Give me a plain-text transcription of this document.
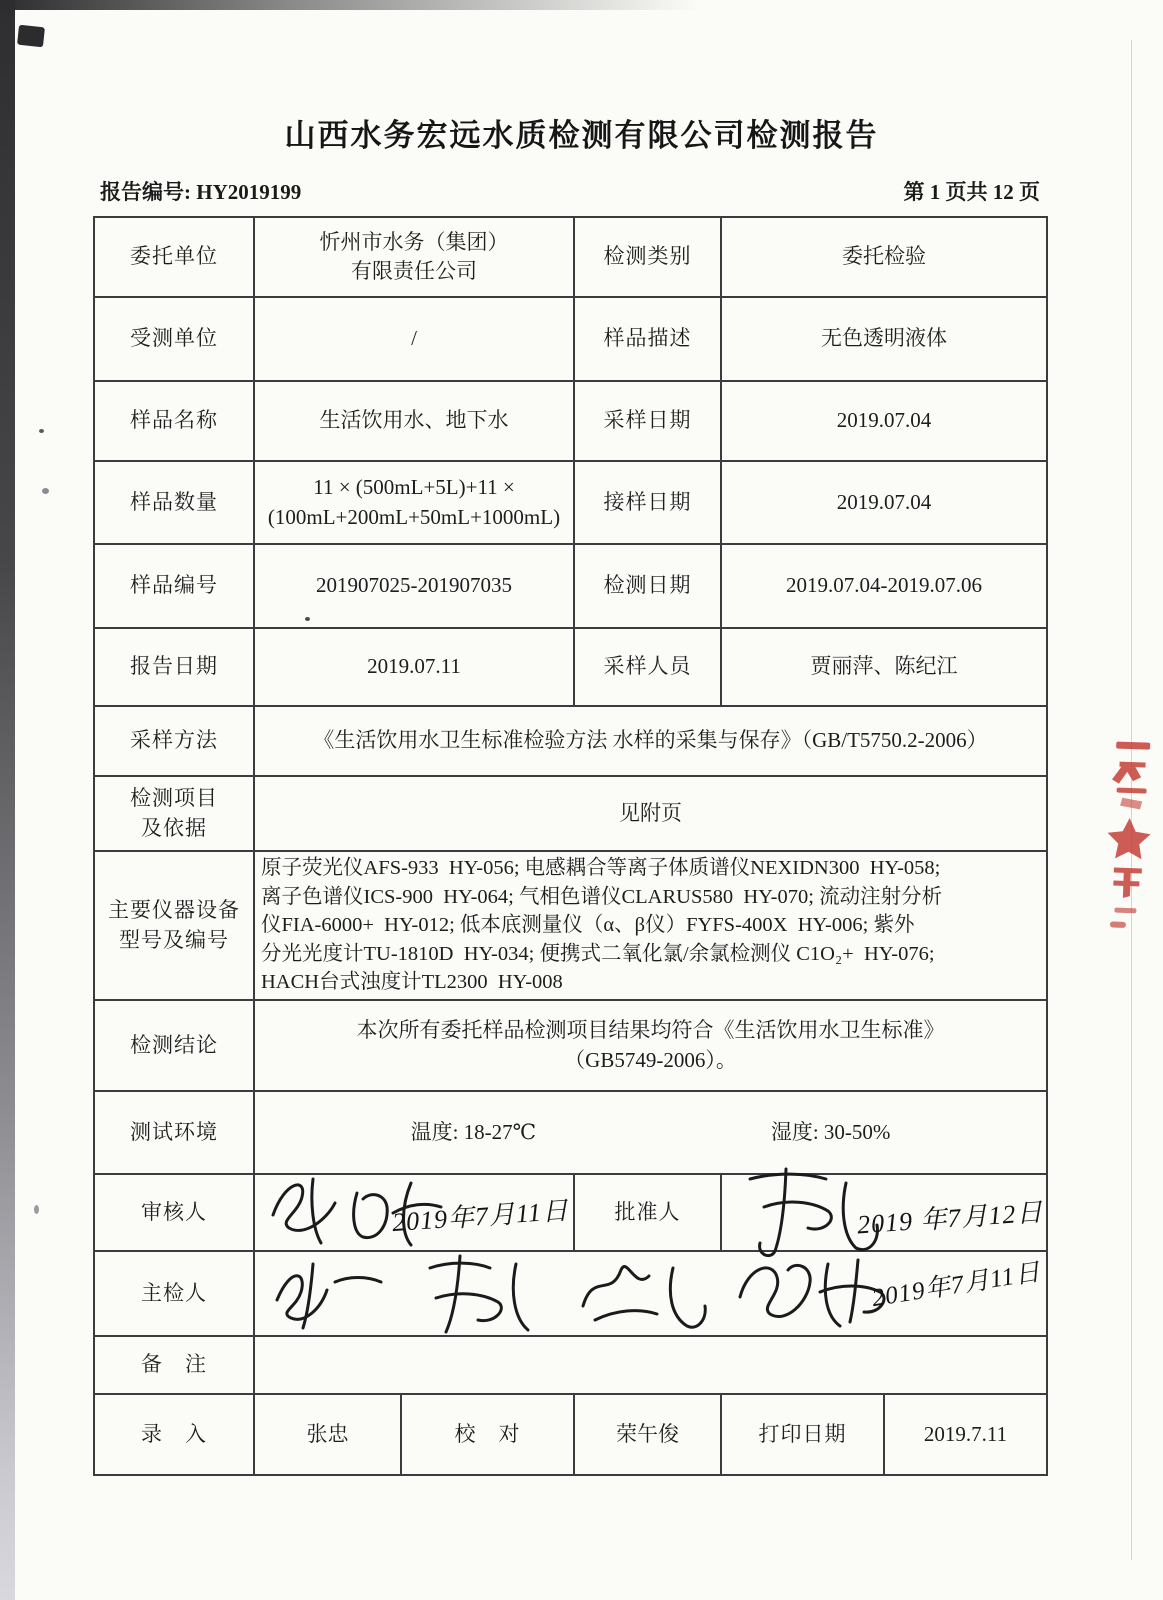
山西水务宏远水质检测有限公司检测报告
报告编号: HY2019199	第 1 页共 12 页
委托单位	忻州市水务（集团）
有限责任公司		检测类别	委托检验	
受测单位	/		样品描述	无色透明液体	
样品名称	生活饮用水、地下水		采样日期	2019.07.04	
样品数量	11 × (500mL+5L)+11 ×
(100mL+200mL+50mL+1000mL)		接样日期	2019.07.04	
样品编号	201907025-201907035		检测日期	2019.07.04-2019.07.06	
报告日期	2019.07.11		采样人员	贾丽萍、陈纪江	
采样方法	《生活饮用水卫生标准检验方法 水样的采集与保存》（GB/T5750.2-2006）				

检测项目
及依据	见附页				

主要仪器设备
型号及编号

原子荧光仪AFS-933  HY-056; 电感耦合等离子体质谱仪NEXIDN300  HY-058;
离子色谱仪ICS-900  HY-064; 气相色谱仪CLARUS580  HY-070; 流动注射分析
仪FIA-6000+  HY-012; 低本底测量仪（α、β仪）FYFS-400X  HY-006; 紫外
分光光度计TU-1810D  HY-034; 便携式二氧化氯/余氯检测仪 C1O₂+  HY-076;
HACH台式浊度计TL2300  HY-008

检测结论	本次所有委托样品检测项目结果均符合《生活饮用水卫生标准》
（GB5749-2006）。				

测试环境	温度: 18-27℃ 湿度: 30-50%				
审核人	2019年7月11日		批准人	2019 年7月12日	

主检人	2019年7月11日				

备　注					
录　入	张忠	校　对	荣午俊	打印日期	2019.7.11
